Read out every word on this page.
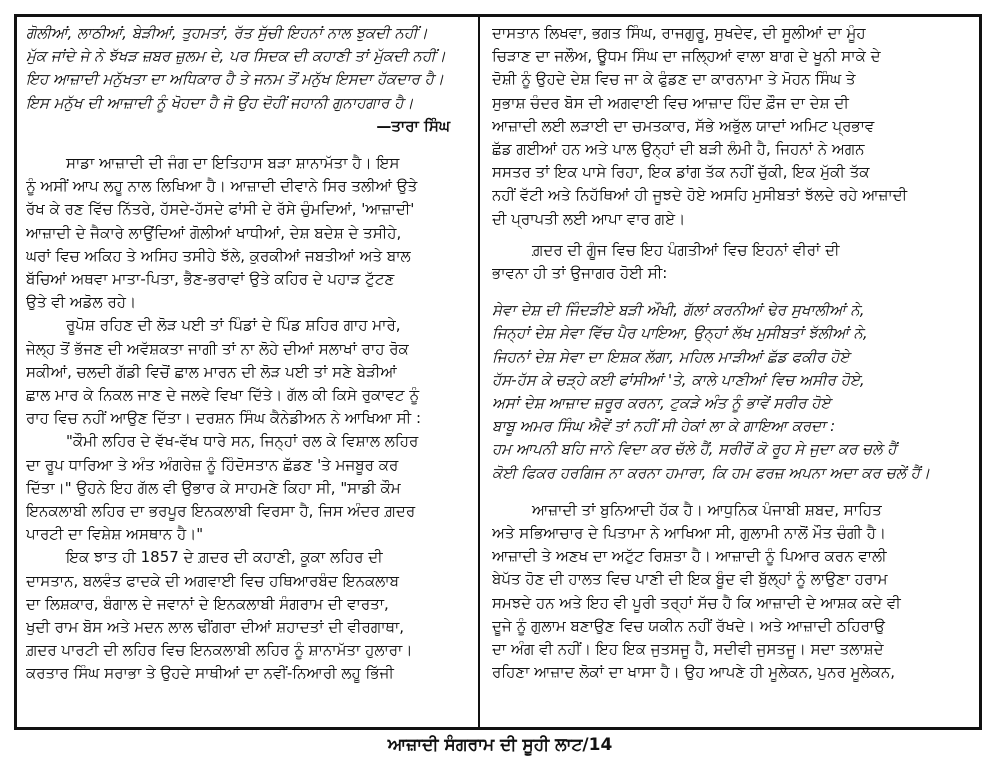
ਗੋਲੀਆਂ, ਲਾਠੀਆਂ, ਬੇੜੀਆਂ, ਤੁਹਮਤਾਂ, ਰੱਤ ਸੁੱਚੀ ਇਹਨਾਂ ਨਾਲ ਝੁਕਦੀ ਨਹੀਂ।
ਮੁੱਕ ਜਾਂਦੇ ਜੇ ਨੇ ਝੱਖੜ ਜ਼ਬਰ ਜ਼ੁਲਮ ਦੇ, ਪਰ ਸਿਦਕ ਦੀ ਕਹਾਣੀ ਤਾਂ ਮੁੱਕਦੀ ਨਹੀਂ।
ਇਹ ਆਜ਼ਾਦੀ ਮਨੁੱਖਤਾ ਦਾ ਅਧਿਕਾਰ ਹੈ ਤੇ ਜਨਮ ਤੋਂ ਮਨੁੱਖ ਇਸਦਾ ਹੱਕਦਾਰ ਹੈ।
ਇਸ ਮਨੁੱਖ ਦੀ ਆਜ਼ਾਦੀ ਨੂੰ ਖੋਹਦਾ ਹੈ ਜੋ ਉਹ ਦੋਹੀਂ ਜਹਾਨੀ ਗੁਨਾਹਗਾਰ ਹੈ।
—ਤਾਰਾ ਸਿੰਘ
ਸਾਡਾ ਆਜ਼ਾਦੀ ਦੀ ਜੰਗ ਦਾ ਇਤਿਹਾਸ ਬੜਾ ਸ਼ਾਨਾਮੱਤਾ ਹੈ। ਇਸ
ਨੂੰ ਅਸੀਂ ਆਪ ਲਹੂ ਨਾਲ ਲਿਖਿਆ ਹੈ। ਆਜ਼ਾਦੀ ਦੀਵਾਨੇ ਸਿਰ ਤਲੀਆਂ ਉਤੇ
ਰੱਖ ਕੇ ਰਣ ਵਿੱਚ ਨਿੱਤਰੇ, ਹੱਸਦੇ-ਹੱਸਦੇ ਫਾਂਸੀ ਦੇ ਰੱਸੇ ਚੁੰਮਦਿਆਂ, 'ਆਜ਼ਾਦੀ'
ਆਜ਼ਾਦੀ ਦੇ ਜੈਕਾਰੇ ਲਾਉਂਦਿਆਂ ਗੋਲੀਆਂ ਖਾਧੀਆਂ, ਦੇਸ਼ ਬਦੇਸ਼ ਦੇ ਤਸੀਹੇ,
ਘਰਾਂ ਵਿਚ ਅਕਿਹ ਤੇ ਅਸਿਹ ਤਸੀਹੇ ਝੱਲੇ, ਕੁਰਕੀਆਂ ਜਬਤੀਆਂ ਅਤੇ ਬਾਲ
ਬੱਚਿਆਂ ਅਥਵਾ ਮਾਤਾ-ਪਿਤਾ, ਭੈਣ-ਭਰਾਵਾਂ ਉਤੇ ਕਹਿਰ ਦੇ ਪਹਾੜ ਟੁੱਟਣ
ਉਤੇ ਵੀ ਅਡੋਲ ਰਹੇ।
ਰੂਪੋਸ਼ ਰਹਿਣ ਦੀ ਲੋੜ ਪਈ ਤਾਂ ਪਿੰਡਾਂ ਦੇ ਪਿੰਡ ਸ਼ਹਿਰ ਗਾਹ ਮਾਰੇ,
ਜੇਲ੍ਹ ਤੋਂ ਭੱਜਣ ਦੀ ਅਵੱਸ਼ਕਤਾ ਜਾਗੀ ਤਾਂ ਨਾ ਲੋਹੇ ਦੀਆਂ ਸਲਾਖਾਂ ਰਾਹ ਰੋਕ
ਸਕੀਆਂ, ਚਲਦੀ ਗੱਡੀ ਵਿਚੋਂ ਛਾਲ ਮਾਰਨ ਦੀ ਲੋੜ ਪਈ ਤਾਂ ਸਣੇ ਬੇੜੀਆਂ
ਛਾਲ ਮਾਰ ਕੇ ਨਿਕਲ ਜਾਣ ਦੇ ਜਲਵੇ ਵਿਖਾ ਦਿੱਤੇ। ਗੱਲ ਕੀ ਕਿਸੇ ਰੁਕਾਵਟ ਨੂੰ
ਰਾਹ ਵਿਚ ਨਹੀਂ ਆਉਣ ਦਿੱਤਾ। ਦਰਸ਼ਨ ਸਿੰਘ ਕੈਨੇਡੀਅਨ ਨੇ ਆਖਿਆ ਸੀ :
"ਕੌਮੀ ਲਹਿਰ ਦੇ ਵੱਖ-ਵੱਖ ਧਾਰੇ ਸਨ, ਜਿਨ੍ਹਾਂ ਰਲ ਕੇ ਵਿਸ਼ਾਲ ਲਹਿਰ
ਦਾ ਰੂਪ ਧਾਰਿਆ ਤੇ ਅੰਤ ਅੰਗਰੇਜ਼ ਨੂੰ ਹਿੰਦੋਸਤਾਨ ਛੱਡਣ 'ਤੇ ਮਜਬੂਰ ਕਰ
ਦਿੱਤਾ।" ਉਹਨੇ ਇਹ ਗੱਲ ਵੀ ਉਭਾਰ ਕੇ ਸਾਹਮਣੇ ਕਿਹਾ ਸੀ, "ਸਾਡੀ ਕੌਮ
ਇਨਕਲਾਬੀ ਲਹਿਰ ਦਾ ਭਰਪੂਰ ਇਨਕਲਾਬੀ ਵਿਰਸਾ ਹੈ, ਜਿਸ ਅੰਦਰ ਗ਼ਦਰ
ਪਾਰਟੀ ਦਾ ਵਿਸ਼ੇਸ਼ ਅਸਥਾਨ ਹੈ।"
ਇਕ ਝਾਤ ਹੀ 1857 ਦੇ ਗ਼ਦਰ ਦੀ ਕਹਾਣੀ, ਕੂਕਾ ਲਹਿਰ ਦੀ
ਦਾਸਤਾਨ, ਬਲਵੰਤ ਫਾਦਕੇ ਦੀ ਅਗਵਾਈ ਵਿਚ ਹਥਿਆਰਬੰਦ ਇਨਕਲਾਬ
ਦਾ ਲਿਸ਼ਕਾਰ, ਬੰਗਾਲ ਦੇ ਜਵਾਨਾਂ ਦੇ ਇਨਕਲਾਬੀ ਸੰਗਰਾਮ ਦੀ ਵਾਰਤਾ,
ਖੁਦੀ ਰਾਮ ਬੋਸ ਅਤੇ ਮਦਨ ਲਾਲ ਢੀਂਗਰਾ ਦੀਆਂ ਸ਼ਹਾਦਤਾਂ ਦੀ ਵੀਰਗਾਥਾ,
ਗ਼ਦਰ ਪਾਰਟੀ ਦੀ ਲਹਿਰ ਵਿਚ ਇਨਕਲਾਬੀ ਲਹਿਰ ਨੂੰ ਸ਼ਾਨਾਮੱਤਾ ਹੁਲਾਰਾ।
ਕਰਤਾਰ ਸਿੰਘ ਸਰਾਭਾ ਤੇ ਉਹਦੇ ਸਾਥੀਆਂ ਦਾ ਨਵੀਂ-ਨਿਆਰੀ ਲਹੂ ਭਿੱਜੀ
ਦਾਸਤਾਨ ਲਿਖਵਾ, ਭਗਤ ਸਿੰਘ, ਰਾਜਗੁਰੂ, ਸੁਖਦੇਵ, ਦੀ ਸੂਲੀਆਂ ਦਾ ਮੂੰਹ
ਚਿੜਾਣ ਦਾ ਜਲੌਅ, ਊਧਮ ਸਿੰਘ ਦਾ ਜਲ੍ਹਿਆਂ ਵਾਲਾ ਬਾਗ ਦੇ ਖੂਨੀ ਸਾਕੇ ਦੇ
ਦੋਸ਼ੀ ਨੂੰ ਉਹਦੇ ਦੇਸ਼ ਵਿਚ ਜਾ ਕੇ ਫੁੰਡਣ ਦਾ ਕਾਰਨਾਮਾ ਤੇ ਮੋਹਨ ਸਿੰਘ ਤੇ
ਸੁਭਾਸ਼ ਚੰਦਰ ਬੋਸ ਦੀ ਅਗਵਾਈ ਵਿਚ ਆਜ਼ਾਦ ਹਿੰਦ ਫ਼ੌਜ ਦਾ ਦੇਸ਼ ਦੀ
ਆਜ਼ਾਦੀ ਲਈ ਲੜਾਈ ਦਾ ਚਮਤਕਾਰ, ਸੱਭੇ ਅਭੁੱਲ ਯਾਦਾਂ ਅਮਿਟ ਪ੍ਰਭਾਵ
ਛੱਡ ਗਈਆਂ ਹਨ ਅਤੇ ਪਾਲ ਉਨ੍ਹਾਂ ਦੀ ਬੜੀ ਲੰਮੀ ਹੈ, ਜਿਹਨਾਂ ਨੇ ਅਗਨ
ਸਸਤਰ ਤਾਂ ਇਕ ਪਾਸੇ ਰਿਹਾ, ਇਕ ਡਾਂਗ ਤੱਕ ਨਹੀਂ ਚੁੱਕੀ, ਇਕ ਮੁੱਕੀ ਤੱਕ
ਨਹੀਂ ਵੱਟੀ ਅਤੇ ਨਿਹੱਥਿਆਂ ਹੀ ਜੂਝਦੇ ਹੋਏ ਅਸਹਿ ਮੁਸੀਬਤਾਂ ਝੱਲਦੇ ਰਹੇ ਆਜ਼ਾਦੀ
ਦੀ ਪ੍ਰਾਪਤੀ ਲਈ ਆਪਾ ਵਾਰ ਗਏ।
ਗ਼ਦਰ ਦੀ ਗੂੰਜ ਵਿਚ ਇਹ ਪੰਗਤੀਆਂ ਵਿਚ ਇਹਨਾਂ ਵੀਰਾਂ ਦੀ
ਭਾਵਨਾ ਹੀ ਤਾਂ ਉਜਾਗਰ ਹੋਈ ਸੀ:
ਸੇਵਾ ਦੇਸ਼ ਦੀ ਜਿੰਦੜੀਏ ਬੜੀ ਔਖੀ, ਗੱਲਾਂ ਕਰਨੀਆਂ ਢੇਰ ਸੁਖਾਲੀਆਂ ਨੇ,
ਜਿਨ੍ਹਾਂ ਦੇਸ਼ ਸੇਵਾ ਵਿੱਚ ਪੈਰ ਪਾਇਆ, ਉਨ੍ਹਾਂ ਲੱਖ ਮੁਸੀਬਤਾਂ ਝੱਲੀਆਂ ਨੇ,
ਜਿਹਨਾਂ ਦੇਸ਼ ਸੇਵਾ ਦਾ ਇਸ਼ਕ ਲੱਗਾ, ਮਹਿਲ ਮਾੜੀਆਂ ਛੱਡ ਫਕੀਰ ਹੋਏ
ਹੱਸ-ਹੱਸ ਕੇ ਚੜ੍ਹੇ ਕਈ ਫਾਂਸੀਆਂ 'ਤੇ, ਕਾਲੇ ਪਾਣੀਆਂ ਵਿਚ ਅਸੀਰ ਹੋਏ,
ਅਸਾਂ ਦੇਸ਼ ਆਜ਼ਾਦ ਜ਼ਰੂਰ ਕਰਨਾ, ਟੁਕੜੇ ਅੰਤ ਨੂੰ ਭਾਵੇਂ ਸਰੀਰ ਹੋਏ
ਬਾਬੂ ਅਮਰ ਸਿੰਘ ਐਵੇਂ ਤਾਂ ਨਹੀਂ ਸੀ ਹੇਕਾਂ ਲਾ ਕੇ ਗਾਇਆ ਕਰਦਾ :
ਹਮ ਆਪਨੀ ਬਹਿ ਜਾਨੇ ਵਿਦਾ ਕਰ ਚੱਲੇ ਹੈਂ, ਸਰੀਰੋਂ ਕੋ ਰੂਹ ਸੇ ਜੁਦਾ ਕਰ ਚਲੇ ਹੈਂ
ਕੋਈ ਫਿਕਰ ਹਰਗਿਜ ਨਾ ਕਰਨਾ ਹਮਾਰਾ, ਕਿ ਹਮ ਫਰਜ਼ ਅਪਨਾ ਅਦਾ ਕਰ ਚਲੇਂ ਹੈਂ।
ਆਜ਼ਾਦੀ ਤਾਂ ਬੁਨਿਆਦੀ ਹੱਕ ਹੈ। ਆਧੁਨਿਕ ਪੰਜਾਬੀ ਸ਼ਬਦ, ਸਾਹਿਤ
ਅਤੇ ਸਭਿਆਚਾਰ ਦੇ ਪਿਤਾਮਾ ਨੇ ਆਖਿਆ ਸੀ, ਗੁਲਾਮੀ ਨਾਲੋਂ ਮੌਤ ਚੰਗੀ ਹੈ।
ਆਜ਼ਾਦੀ ਤੇ ਅਣਖ ਦਾ ਅਟੁੱਟ ਰਿਸ਼ਤਾ ਹੈ। ਆਜ਼ਾਦੀ ਨੂੰ ਪਿਆਰ ਕਰਨ ਵਾਲੀ
ਬੇਪੱਤ ਹੋਣ ਦੀ ਹਾਲਤ ਵਿਚ ਪਾਣੀ ਦੀ ਇਕ ਬੂੰਦ ਵੀ ਬੁੱਲ੍ਹਾਂ ਨੂੰ ਲਾਉਣਾ ਹਰਾਮ
ਸਮਝਦੇ ਹਨ ਅਤੇ ਇਹ ਵੀ ਪੂਰੀ ਤਰ੍ਹਾਂ ਸੱਚ ਹੈ ਕਿ ਆਜ਼ਾਦੀ ਦੇ ਆਸ਼ਕ ਕਦੇ ਵੀ
ਦੂਜੇ ਨੂੰ ਗੁਲਾਮ ਬਣਾਉਣ ਵਿਚ ਯਕੀਨ ਨਹੀਂ ਰੱਖਦੇ। ਅਤੇ ਆਜ਼ਾਦੀ ਠਹਿਰਾਉ
ਦਾ ਅੰਗ ਵੀ ਨਹੀਂ। ਇਹ ਇਕ ਜੁਤਸਜੂ ਹੈ, ਸਦੀਵੀ ਜੁਸਤਜੂ। ਸਦਾ ਤਲਾਸ਼ਦੇ
ਰਹਿਣਾ ਆਜ਼ਾਦ ਲੋਕਾਂ ਦਾ ਖਾਸਾ ਹੈ। ਉਹ ਆਪਣੇ ਹੀ ਮੂਲੇਕਨ, ਪੁਨਰ ਮੂਲੇਕਨ,
ਆਜ਼ਾਦੀ ਸੰਗਰਾਮ ਦੀ ਸੂਹੀ ਲਾਟ/14
